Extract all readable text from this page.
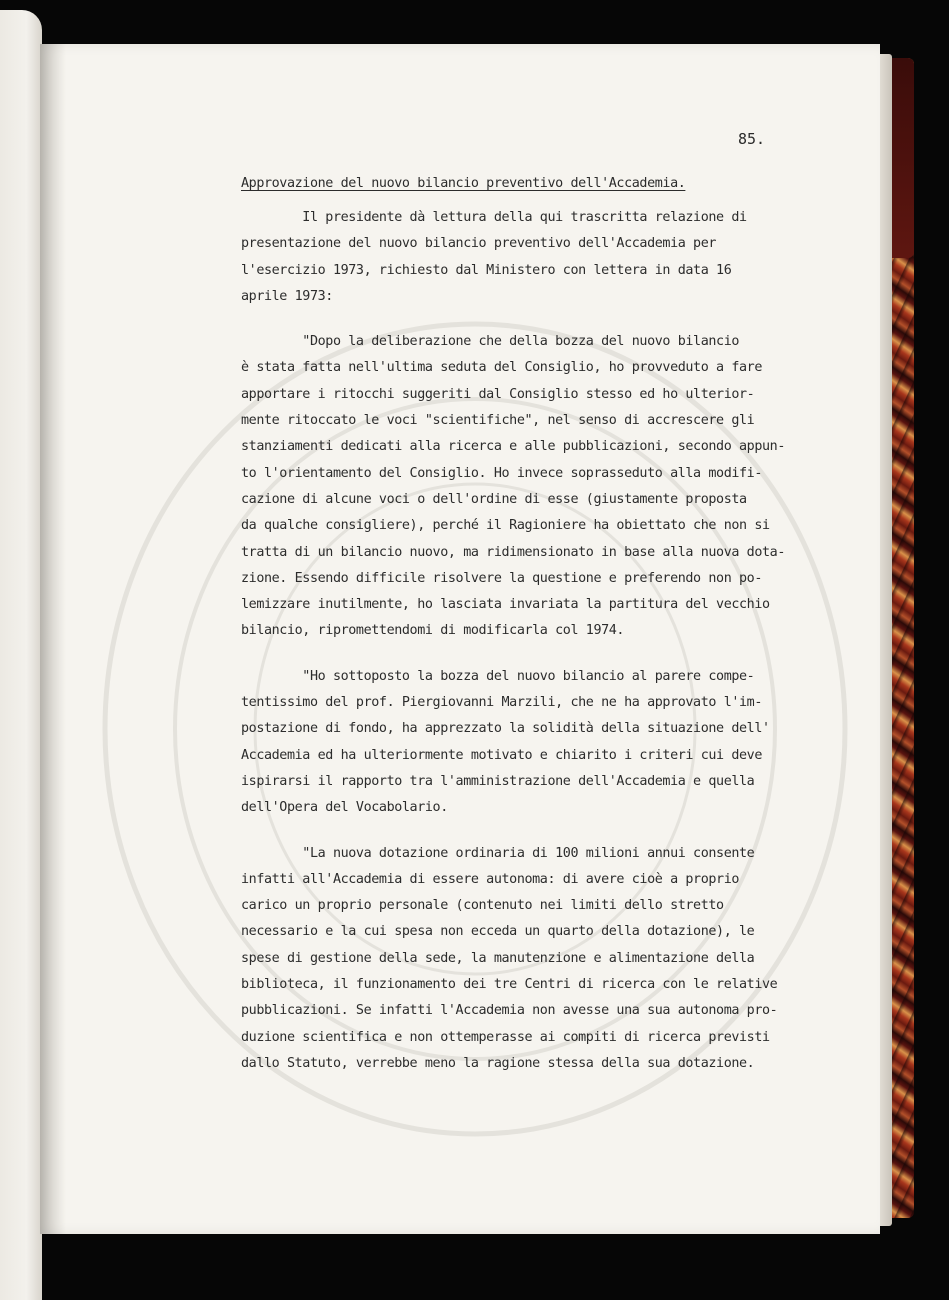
85.

Approvazione del nuovo bilancio preventivo dell'Accademia.
Il presidente dà lettura della qui trascritta relazione di
presentazione del nuovo bilancio preventivo dell'Accademia per
l'esercizio 1973, richiesto dal Ministero con lettera in data 16
aprile 1973:
"Dopo la deliberazione che della bozza del nuovo bilancio
è stata fatta nell'ultima seduta del Consiglio, ho provveduto a fare
apportare i ritocchi suggeriti dal Consiglio stesso ed ho ulterior-
mente ritoccato le voci "scientifiche", nel senso di accrescere gli
stanziamenti dedicati alla ricerca e alle pubblicazioni, secondo appun-
to l'orientamento del Consiglio. Ho invece soprasseduto alla modifi-
cazione di alcune voci o dell'ordine di esse (giustamente proposta
da qualche consigliere), perché il Ragioniere ha obiettato che non si
tratta di un bilancio nuovo, ma ridimensionato in base alla nuova dota-
zione. Essendo difficile risolvere la questione e preferendo non po-
lemizzare inutilmente, ho lasciata invariata la partitura del vecchio
bilancio, ripromettendomi di modificarla col 1974.
"Ho sottoposto la bozza del nuovo bilancio al parere compe-
tentissimo del prof. Piergiovanni Marzili, che ne ha approvato l'im-
postazione di fondo, ha apprezzato la solidità della situazione dell'
Accademia ed ha ulteriormente motivato e chiarito i criteri cui deve
ispirarsi il rapporto tra l'amministrazione dell'Accademia e quella
dell'Opera del Vocabolario.
"La nuova dotazione ordinaria di 100 milioni annui consente
infatti all'Accademia di essere autonoma: di avere cioè a proprio
carico un proprio personale (contenuto nei limiti dello stretto
necessario e la cui spesa non ecceda un quarto della dotazione), le
spese di gestione della sede, la manutenzione e alimentazione della
biblioteca, il funzionamento dei tre Centri di ricerca con le relative
pubblicazioni. Se infatti l'Accademia non avesse una sua autonoma pro-
duzione scientifica e non ottemperasse ai compiti di ricerca previsti
dallo Statuto, verrebbe meno la ragione stessa della sua dotazione.
